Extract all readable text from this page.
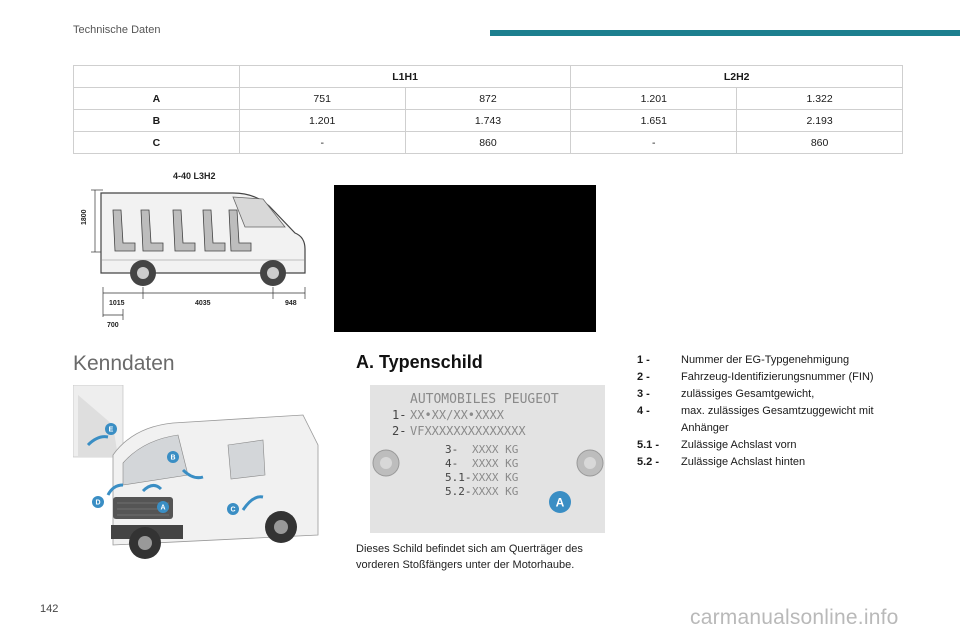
Technische Daten
	L1H1		L2H2	
A	751	872	1.201	1.322
B	1.201	1.743	1.651	2.193
C	-	860	-	860
4-40 L3H2
1800
1015	4035	948
700
Kenndaten	A. Typenschild
E
B
D
A	C
AUTOMOBILES PEUGEOT
1- XX•XX/XX•XXXX
2- VFXXXXXXXXXXXXXX
3- XXXX KG
4- XXXX KG
5.1- XXXX KG
5.2- XXXX KG
A
Dieses Schild befindet sich am Querträger des vorderen Stoßfängers unter der Motorhaube.
1 -	Nummer der EG-Typgenehmigung
2 -	Fahrzeug-Identifizierungsnummer (FIN)
3 -	zulässiges Gesamtgewicht,
4 -	max. zulässiges Gesamtzuggewicht mit Anhänger
5.1 -	Zulässige Achslast vorn
5.2 -	Zulässige Achslast hinten
142	carmanualsonline.info
